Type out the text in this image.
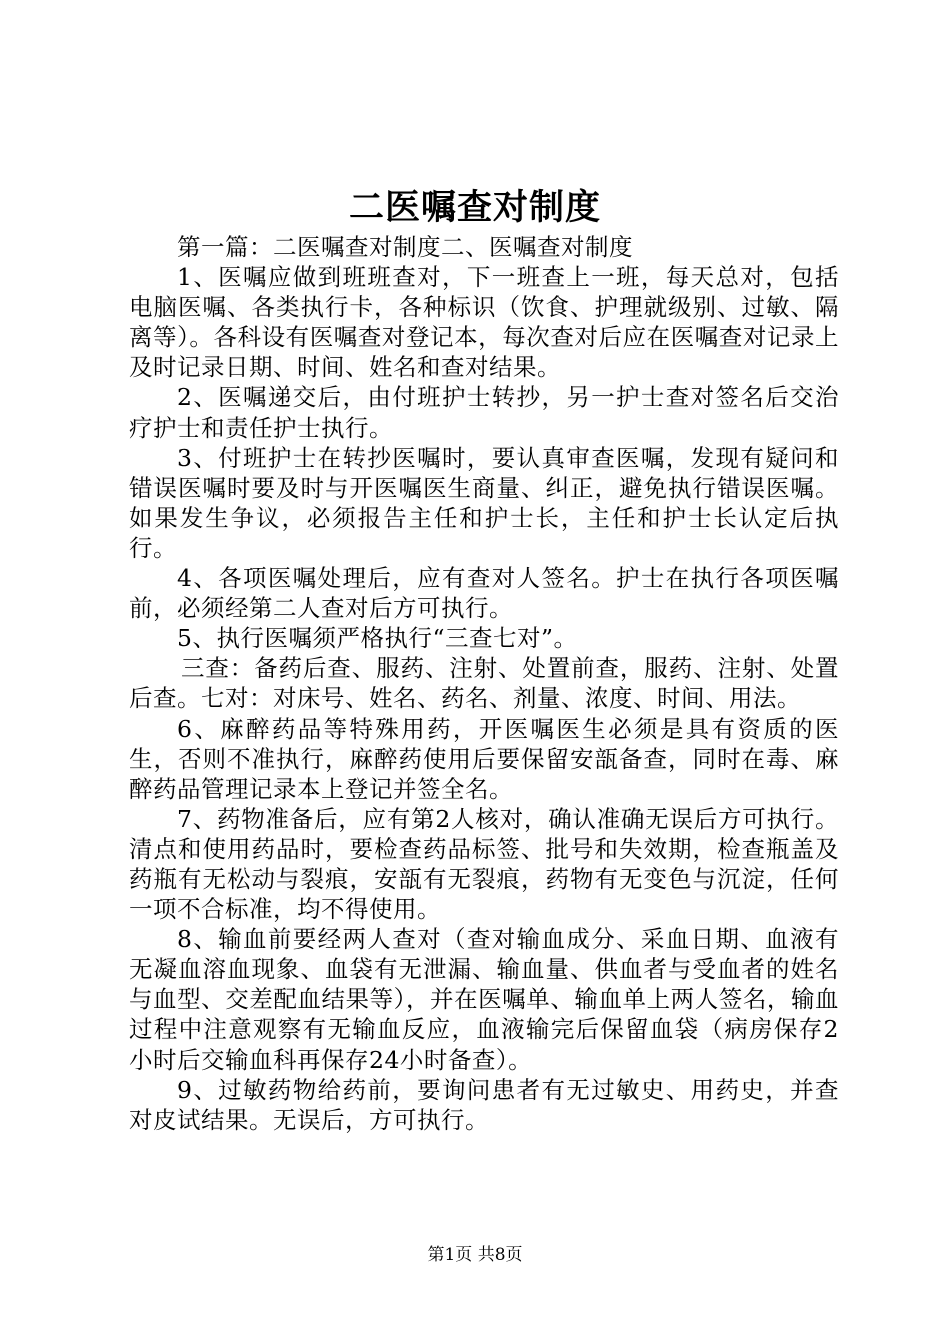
二医嘱查对制度

第一篇：二医嘱查对制度二、医嘱查对制度

1、医嘱应做到班班查对，下一班查上一班，每天总对，包括电脑医嘱、各类执行卡，各种标识（饮食、护理就级别、过敏、隔离等）。各科设有医嘱查对登记本，每次查对后应在医嘱查对记录上及时记录日期、时间、姓名和查对结果。

2、医嘱递交后，由付班护士转抄，另一护士查对签名后交治疗护士和责任护士执行。

3、付班护士在转抄医嘱时，要认真审查医嘱，发现有疑问和错误医嘱时要及时与开医嘱医生商量、纠正，避免执行错误医嘱。如果发生争议，必须报告主任和护士长，主任和护士长认定后执行。

4、各项医嘱处理后，应有查对人签名。护士在执行各项医嘱前，必须经第二人查对后方可执行。

5、执行医嘱须严格执行“三查七对”。

三查：备药后查、服药、注射、处置前查，服药、注射、处置后查。七对：对床号、姓名、药名、剂量、浓度、时间、用法。

6、麻醉药品等特殊用药，开医嘱医生必须是具有资质的医生，否则不准执行，麻醉药使用后要保留安瓿备查，同时在毒、麻醉药品管理记录本上登记并签全名。

7、药物准备后，应有第2人核对，确认准确无误后方可执行。清点和使用药品时，要检查药品标签、批号和失效期，检查瓶盖及药瓶有无松动与裂痕，安瓿有无裂痕，药物有无变色与沉淀，任何一项不合标准，均不得使用。

8、输血前要经两人查对（查对输血成分、采血日期、血液有无凝血溶血现象、血袋有无泄漏、输血量、供血者与受血者的姓名与血型、交差配血结果等），并在医嘱单、输血单上两人签名，输血过程中注意观察有无输血反应，血液输完后保留血袋（病房保存2小时后交输血科再保存24小时备查）。

9、过敏药物给药前，要询问患者有无过敏史、用药史，并查对皮试结果。无误后，方可执行。

第1页 共8页
